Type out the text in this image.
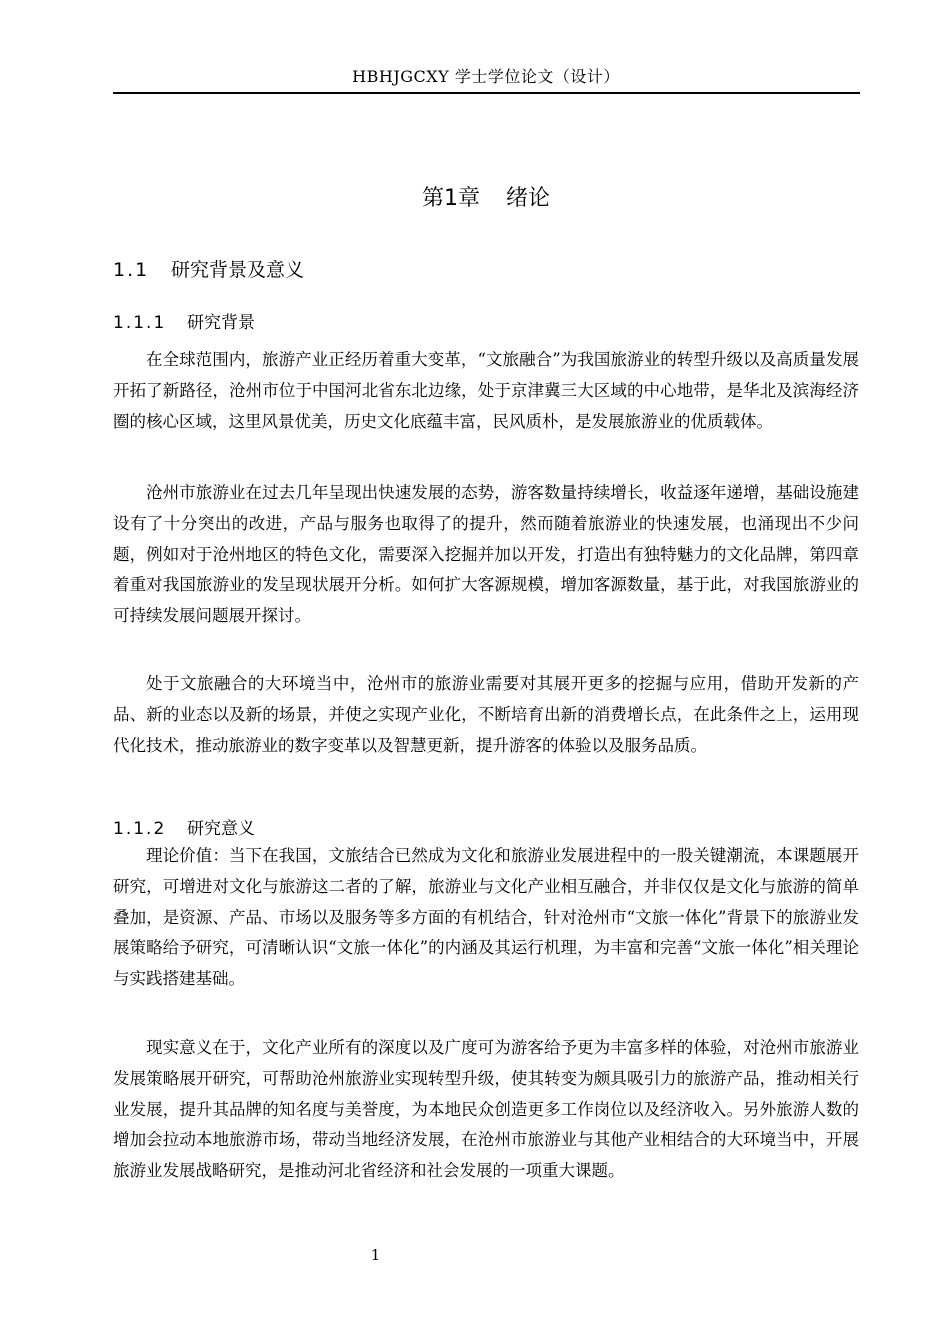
HBHJGCXY 学士学位论文（设计）
第1章 绪论
1.1 研究背景及意义
1.1.1 研究背景

在全球范围内，旅游产业正经历着重大变革，“文旅融合”为我国旅游业的转型升级以及高质量发展开拓了新路径，沧州市位于中国河北省东北边缘，处于京津冀三大区域的中心地带，是华北及滨海经济圈的核心区域，这里风景优美，历史文化底蕴丰富，民风质朴，是发展旅游业的优质载体。

沧州市旅游业在过去几年呈现出快速发展的态势，游客数量持续增长，收益逐年递增，基础设施建设有了十分突出的改进，产品与服务也取得了的提升，然而随着旅游业的快速发展，也涌现出不少问题，例如对于沧州地区的特色文化，需要深入挖掘并加以开发，打造出有独特魅力的文化品牌，第四章着重对我国旅游业的发呈现状展开分析。如何扩大客源规模，增加客源数量，基于此，对我国旅游业的可持续发展问题展开探讨。

处于文旅融合的大环境当中，沧州市的旅游业需要对其展开更多的挖掘与应用，借助开发新的产品、新的业态以及新的场景，并使之实现产业化，不断培育出新的消费增长点，在此条件之上，运用现代化技术，推动旅游业的数字变革以及智慧更新，提升游客的体验以及服务品质。

1.1.2 研究意义

理论价值：当下在我国，文旅结合已然成为文化和旅游业发展进程中的一股关键潮流，本课题展开研究，可增进对文化与旅游这二者的了解，旅游业与文化产业相互融合，并非仅仅是文化与旅游的简单叠加，是资源、产品、市场以及服务等多方面的有机结合，针对沧州市“文旅一体化”背景下的旅游业发展策略给予研究，可清晰认识“文旅一体化”的内涵及其运行机理，为丰富和完善“文旅一体化”相关理论与实践搭建基础。

现实意义在于，文化产业所有的深度以及广度可为游客给予更为丰富多样的体验，对沧州市旅游业发展策略展开研究，可帮助沧州旅游业实现转型升级，使其转变为颇具吸引力的旅游产品，推动相关行业发展，提升其品牌的知名度与美誉度，为本地民众创造更多工作岗位以及经济收入。另外旅游人数的增加会拉动本地旅游市场，带动当地经济发展，在沧州市旅游业与其他产业相结合的大环境当中，开展旅游业发展战略研究，是推动河北省经济和社会发展的一项重大课题。

1
